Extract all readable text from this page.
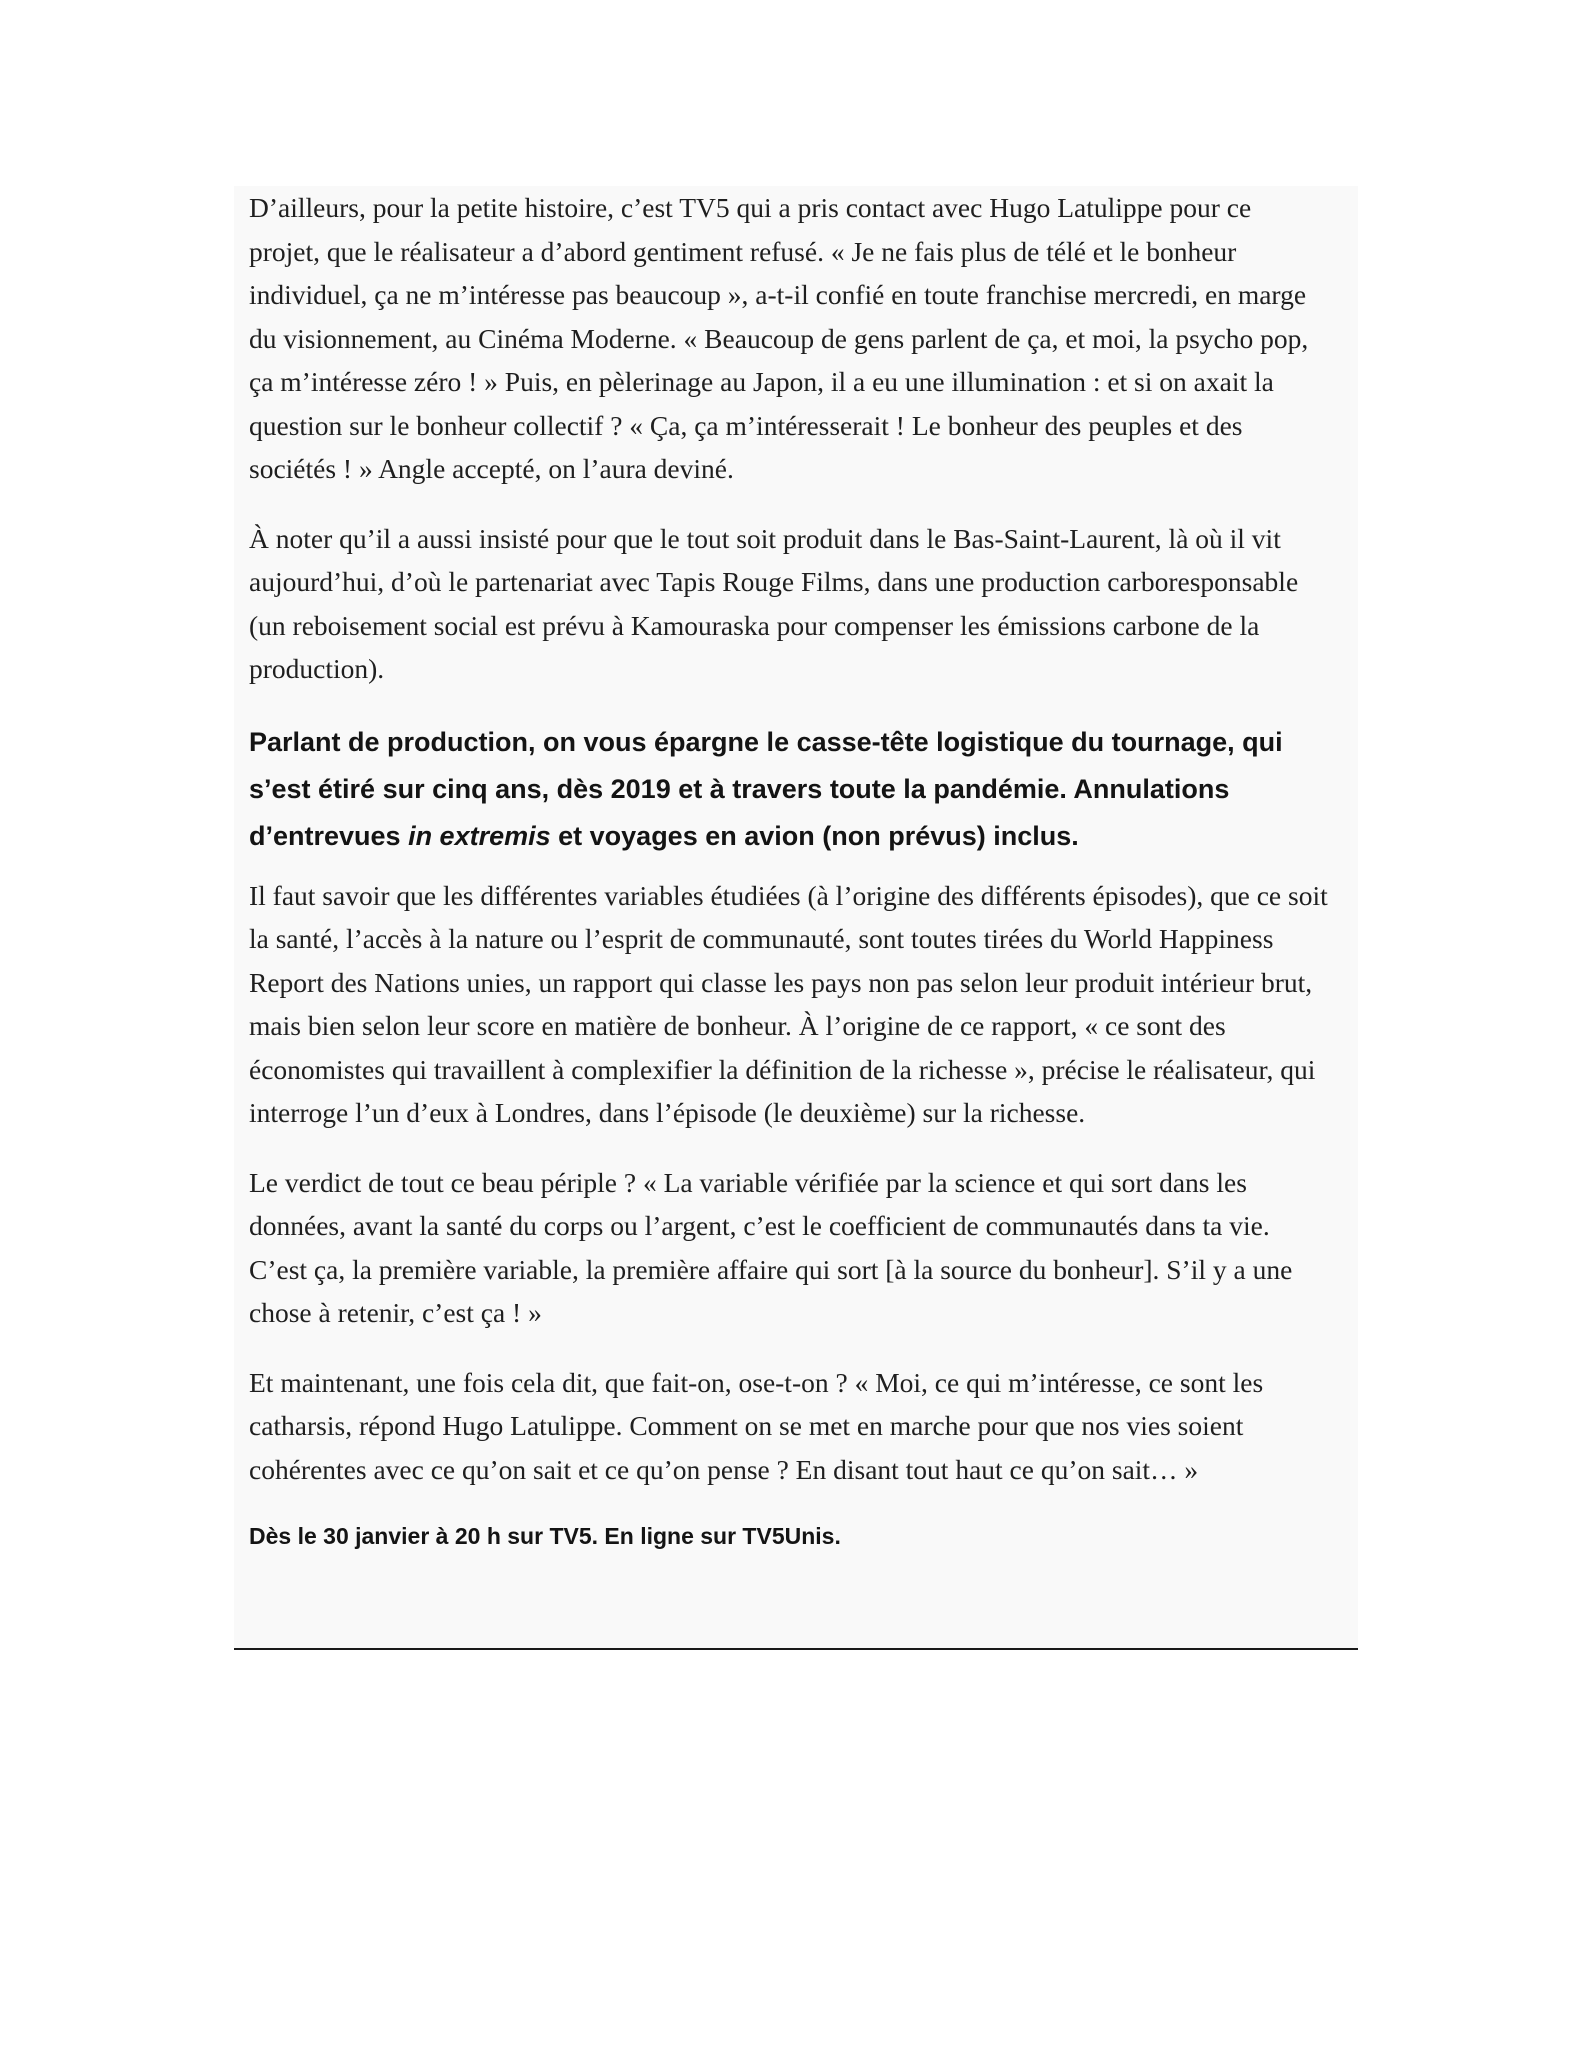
D’ailleurs, pour la petite histoire, c’est TV5 qui a pris contact avec Hugo Latulippe pour ce projet, que le réalisateur a d’abord gentiment refusé. « Je ne fais plus de télé et le bonheur individuel, ça ne m’intéresse pas beaucoup », a-t-il confié en toute franchise mercredi, en marge du visionnement, au Cinéma Moderne. « Beaucoup de gens parlent de ça, et moi, la psycho pop, ça m’intéresse zéro ! » Puis, en pèlerinage au Japon, il a eu une illumination : et si on axait la question sur le bonheur collectif ? « Ça, ça m’intéresserait ! Le bonheur des peuples et des sociétés ! » Angle accepté, on l’aura deviné.

À noter qu’il a aussi insisté pour que le tout soit produit dans le Bas-Saint-Laurent, là où il vit aujourd’hui, d’où le partenariat avec Tapis Rouge Films, dans une production carboresponsable (un reboisement social est prévu à Kamouraska pour compenser les émissions carbone de la production).

Parlant de production, on vous épargne le casse-tête logistique du tournage, qui s’est étiré sur cinq ans, dès 2019 et à travers toute la pandémie. Annulations d’entrevues in extremis et voyages en avion (non prévus) inclus.

Il faut savoir que les différentes variables étudiées (à l’origine des différents épisodes), que ce soit la santé, l’accès à la nature ou l’esprit de communauté, sont toutes tirées du World Happiness Report des Nations unies, un rapport qui classe les pays non pas selon leur produit intérieur brut, mais bien selon leur score en matière de bonheur. À l’origine de ce rapport, « ce sont des économistes qui travaillent à complexifier la définition de la richesse », précise le réalisateur, qui interroge l’un d’eux à Londres, dans l’épisode (le deuxième) sur la richesse.

Le verdict de tout ce beau périple ? « La variable vérifiée par la science et qui sort dans les données, avant la santé du corps ou l’argent, c’est le coefficient de communautés dans ta vie. C’est ça, la première variable, la première affaire qui sort [à la source du bonheur]. S’il y a une chose à retenir, c’est ça ! »

Et maintenant, une fois cela dit, que fait-on, ose-t-on ? « Moi, ce qui m’intéresse, ce sont les catharsis, répond Hugo Latulippe. Comment on se met en marche pour que nos vies soient cohérentes avec ce qu’on sait et ce qu’on pense ? En disant tout haut ce qu’on sait… »

Dès le 30 janvier à 20 h sur TV5. En ligne sur TV5Unis.
